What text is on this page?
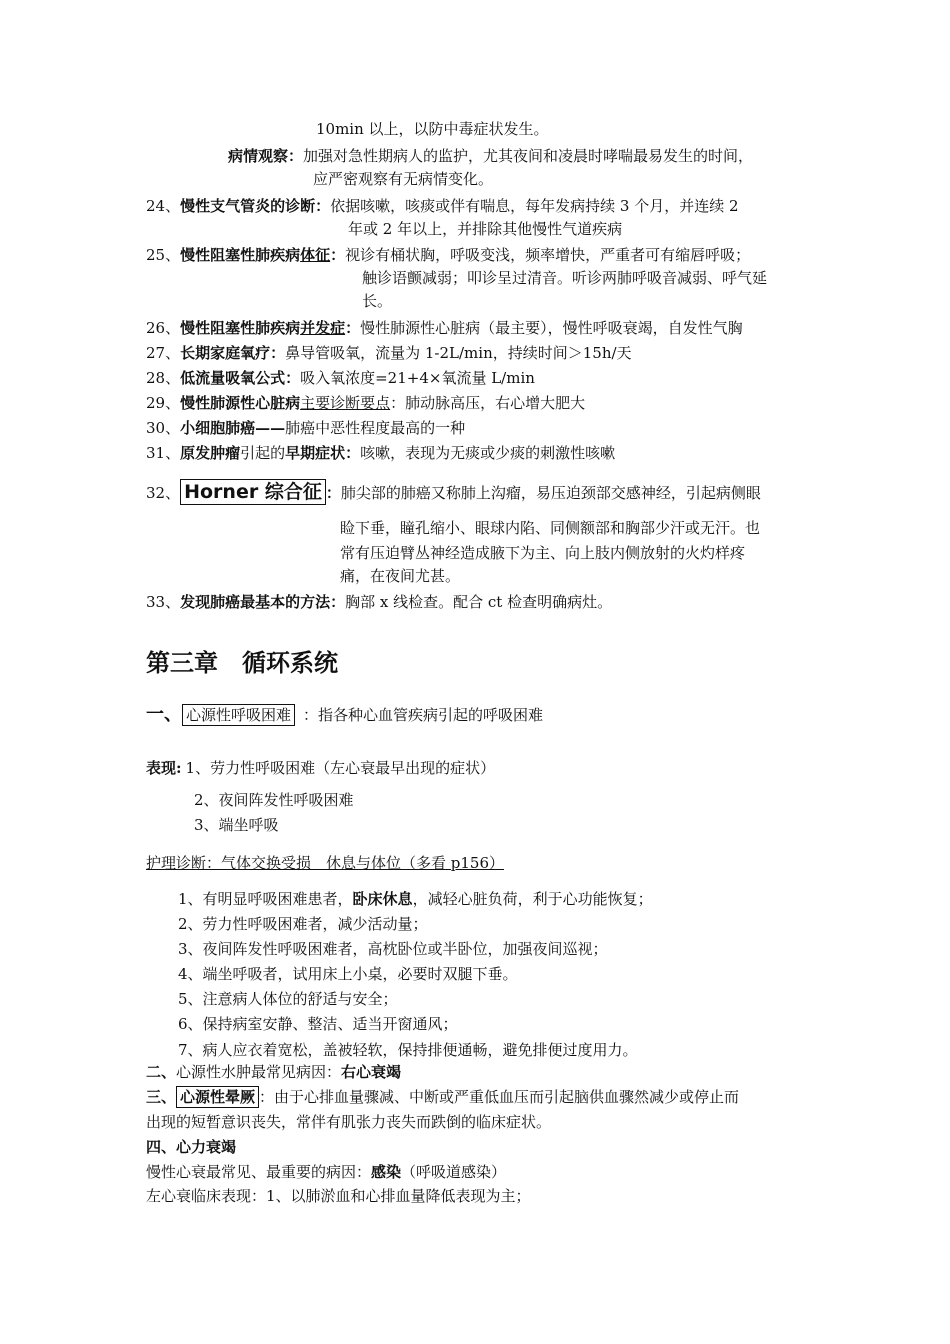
10min 以上，以防中毒症状发生。
病情观察：加强对急性期病人的监护，尤其夜间和凌晨时哮喘最易发生的时间，
应严密观察有无病情变化。
24、慢性支气管炎的诊断：依据咳嗽，咳痰或伴有喘息，每年发病持续 3 个月，并连续 2
年或 2 年以上，并排除其他慢性气道疾病
25、慢性阻塞性肺疾病体征：视诊有桶状胸，呼吸变浅，频率增快，严重者可有缩唇呼吸；
触诊语颤减弱；叩诊呈过清音。听诊两肺呼吸音减弱、呼气延
长。
26、慢性阻塞性肺疾病并发症：慢性肺源性心脏病（最主要），慢性呼吸衰竭，自发性气胸
27、长期家庭氧疗：鼻导管吸氧，流量为 1-2L/min，持续时间＞15h/天
28、低流量吸氧公式：吸入氧浓度=21+4×氧流量 L/min
29、慢性肺源性心脏病主要诊断要点：肺动脉高压，右心增大肥大
30、小细胞肺癌——肺癌中恶性程度最高的一种
31、原发肿瘤引起的早期症状：咳嗽，表现为无痰或少痰的刺激性咳嗽
32、 Horner 综合征 ：肺尖部的肺癌又称肺上沟瘤，易压迫颈部交感神经，引起病侧眼
睑下垂，瞳孔缩小、眼球内陷、同侧额部和胸部少汗或无汗。也
常有压迫臂丛神经造成腋下为主、向上肢内侧放射的火灼样疼
痛，在夜间尤甚。
33、发现肺癌最基本的方法：胸部 x 线检查。配合 ct 检查明确病灶。
第三章　循环系统
一、 心源性呼吸困难 ：指各种心血管疾病引起的呼吸困难
表现: 1、劳力性呼吸困难（左心衰最早出现的症状）
2、夜间阵发性呼吸困难
3、端坐呼吸
护理诊断：气体交换受损　休息与体位（多看 p156）
1、有明显呼吸困难患者，卧床休息，减轻心脏负荷，利于心功能恢复；
2、劳力性呼吸困难者，减少活动量；
3、夜间阵发性呼吸困难者，高枕卧位或半卧位，加强夜间巡视；
4、端坐呼吸者，试用床上小桌，必要时双腿下垂。
5、注意病人体位的舒适与安全；
6、保持病室安静、整洁、适当开窗通风；
7、病人应衣着宽松，盖被轻软，保持排便通畅，避免排便过度用力。
二、心源性水肿最常见病因：右心衰竭
三、 心源性晕厥 ：由于心排血量骤减、中断或严重低血压而引起脑供血骤然减少或停止而
出现的短暂意识丧失，常伴有肌张力丧失而跌倒的临床症状。
四、心力衰竭
慢性心衰最常见、最重要的病因：感染（呼吸道感染）
左心衰临床表现：1、以肺淤血和心排血量降低表现为主；
